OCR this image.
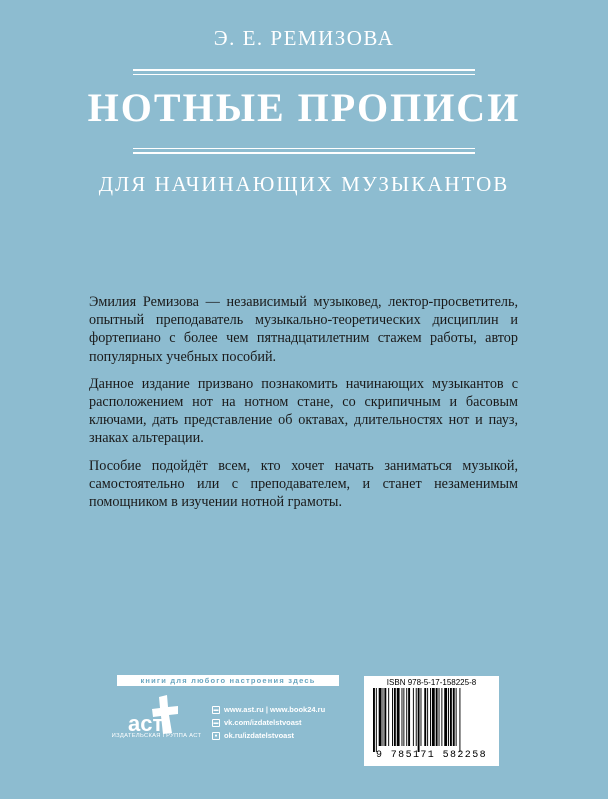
Э. Е. РЕМИЗОВА
НОТНЫЕ ПРОПИСИ
ДЛЯ НАЧИНАЮЩИХ МУЗЫКАНТОВ

Эмилия Ремизова — независимый музыковед, лектор-просветитель, опытный преподаватель музыкально-теоретических дисциплин и фортепиано с более чем пятнадцатилетним стажем работы, автор популярных учебных пособий.

Данное издание призвано познакомить начинающих музыкантов с расположением нот на нотном стане, со скрипичным и басовым ключами, дать представление об октавах, длительностях нот и пауз, знаках альтерации.

Пособие подойдёт всем, кто хочет начать заниматься музыкой, самостоятельно или с преподавателем, и станет незаменимым помощником в изучении нотной грамоты.

книги для любого настроения здесь
аст
ИЗДАТЕЛЬСКАЯ ГРУППА АСТ
▬ www.ast.ru | www.book24.ru
▬ vk.com/izdatelstvoast
● ok.ru/izdatelstvoast
ISBN 978-5-17-158225-8
9 785171 582258
